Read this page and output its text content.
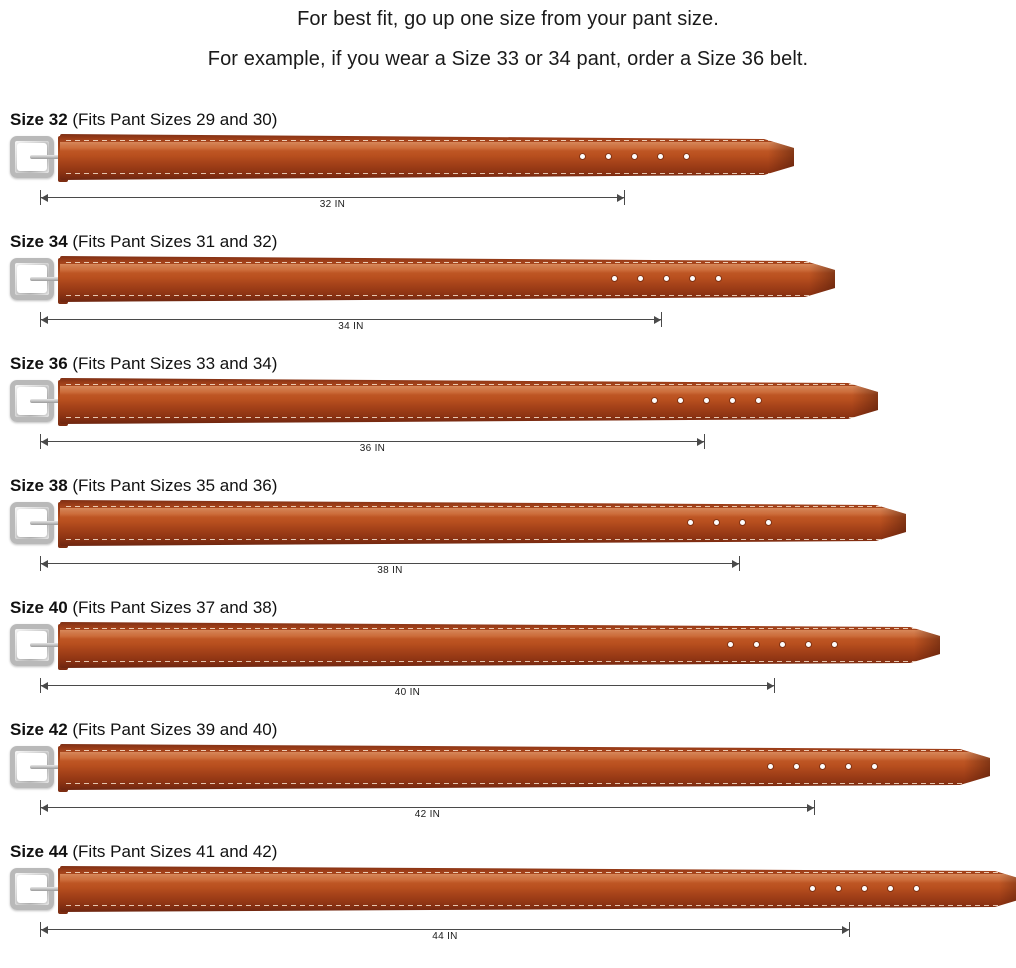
For best fit, go up one size from your pant size.
For example, if you wear a Size 33 or 34 pant, order a Size 36 belt.
Size 32 (Fits Pant Sizes 29 and 30)
32 IN
Size 34 (Fits Pant Sizes 31 and 32)
34 IN
Size 36 (Fits Pant Sizes 33 and 34)
36 IN
Size 38 (Fits Pant Sizes 35 and 36)
38 IN
Size 40 (Fits Pant Sizes 37 and 38)
40 IN
Size 42 (Fits Pant Sizes 39 and 40)
42 IN
Size 44 (Fits Pant Sizes 41 and 42)
44 IN
